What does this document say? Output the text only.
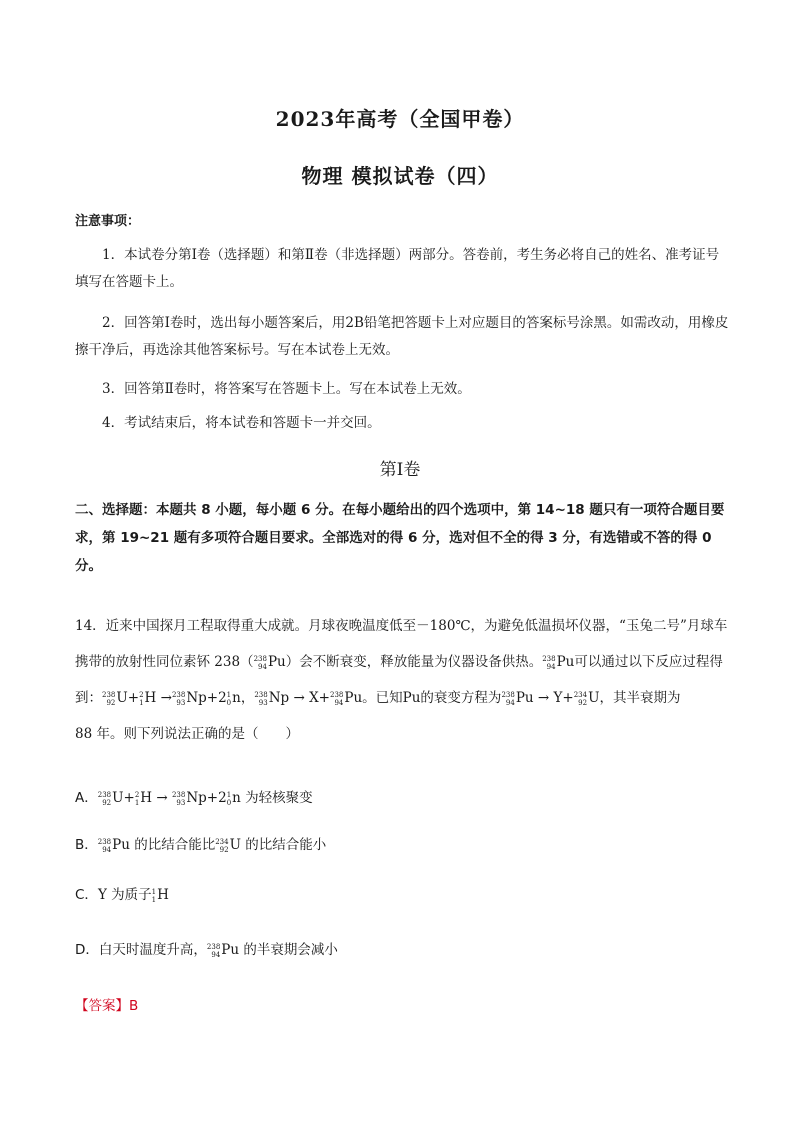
2023年高考（全国甲卷）
物理 模拟试卷（四）
注意事项：
1．本试卷分第Ⅰ卷（选择题）和第Ⅱ卷（非选择题）两部分。答卷前，考生务必将自己的姓名、准考证号填写在答题卡上。
2．回答第Ⅰ卷时，选出每小题答案后，用2B铅笔把答题卡上对应题目的答案标号涂黑。如需改动，用橡皮擦干净后，再选涂其他答案标号。写在本试卷上无效。
3．回答第Ⅱ卷时，将答案写在答题卡上。写在本试卷上无效。
4．考试结束后，将本试卷和答题卡一并交回。
第Ⅰ卷
二、选择题：本题共 8 小题，每小题 6 分。在每小题给出的四个选项中，第 14~18 题只有一项符合题目要求，第 19~21 题有多项符合题目要求。全部选对的得 6 分，选对但不全的得 3 分，有选错或不答的得 0 分。
14．近来中国探月工程取得重大成就。月球夜晚温度低至－180℃，为避免低温损坏仪器，“玉兔二号”月球车携带的放射性同位素钚 238（ 238
94 Pu）会不断衰变，释放能量为仪器设备供热。 238
94 Pu可以通过以下反应过程得到： 238
92 U+ 2
1 H → 238
93 Np+2 1
0 n， 238
93 Np → X+ 238
94 Pu。已知Pu的衰变方程为 238
94 Pu → Y+ 234
92 U，其半衰期为
88 年。则下列说法正确的是（　　）
A． 238
92 U+ 2
1 H → 238
93 Np+2 1
0 n 为轻核聚变
B． 238
94 Pu 的比结合能比 234
92 U 的比结合能小
C．Y 为质子 1
1 H
D．白天时温度升高， 238
94 Pu 的半衰期会减小
【答案】B
